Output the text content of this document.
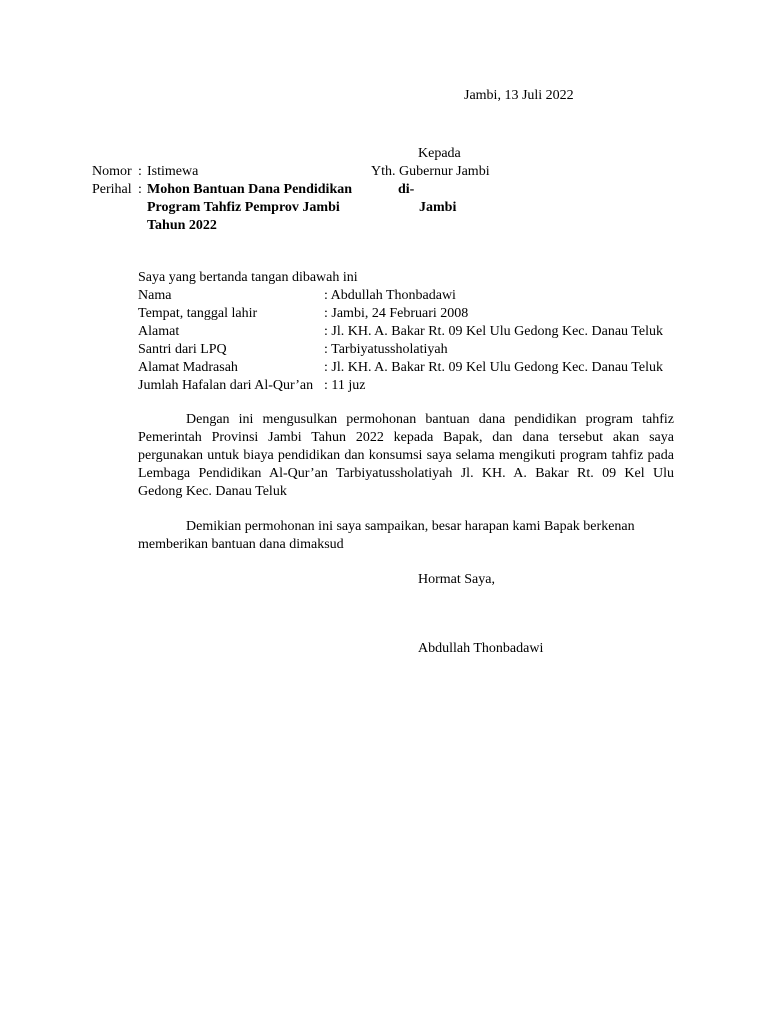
Jambi, 13 Juli 2022
Kepada
Yth. Gubernur Jambi
di-
Jambi
Nomor : Istimewa
Perihal : Mohon Bantuan Dana Pendidikan
Program Tahfiz Pemprov Jambi
Tahun 2022
Saya yang bertanda tangan dibawah ini
Nama	: Abdullah Thonbadawi
Tempat, tanggal lahir	: Jambi, 24 Februari 2008
Alamat	: Jl. KH. A. Bakar Rt. 09 Kel Ulu Gedong Kec. Danau Teluk
Santri dari LPQ	: Tarbiyatussholatiyah
Alamat Madrasah	: Jl. KH. A. Bakar Rt. 09 Kel Ulu Gedong Kec. Danau Teluk
Jumlah Hafalan dari Al-Qur’an : 11 juz
Dengan ini mengusulkan permohonan bantuan dana pendidikan program tahfiz
Pemerintah Provinsi Jambi Tahun 2022 kepada Bapak, dan dana tersebut akan saya
pergunakan untuk biaya pendidikan dan konsumsi saya selama mengikuti program tahfiz pada
Lembaga Pendidikan Al-Qur’an Tarbiyatussholatiyah Jl. KH. A. Bakar Rt. 09 Kel Ulu
Gedong Kec. Danau Teluk
Demikian permohonan ini saya sampaikan, besar harapan kami Bapak berkenan
memberikan bantuan dana dimaksud
Hormat Saya,
Abdullah Thonbadawi
